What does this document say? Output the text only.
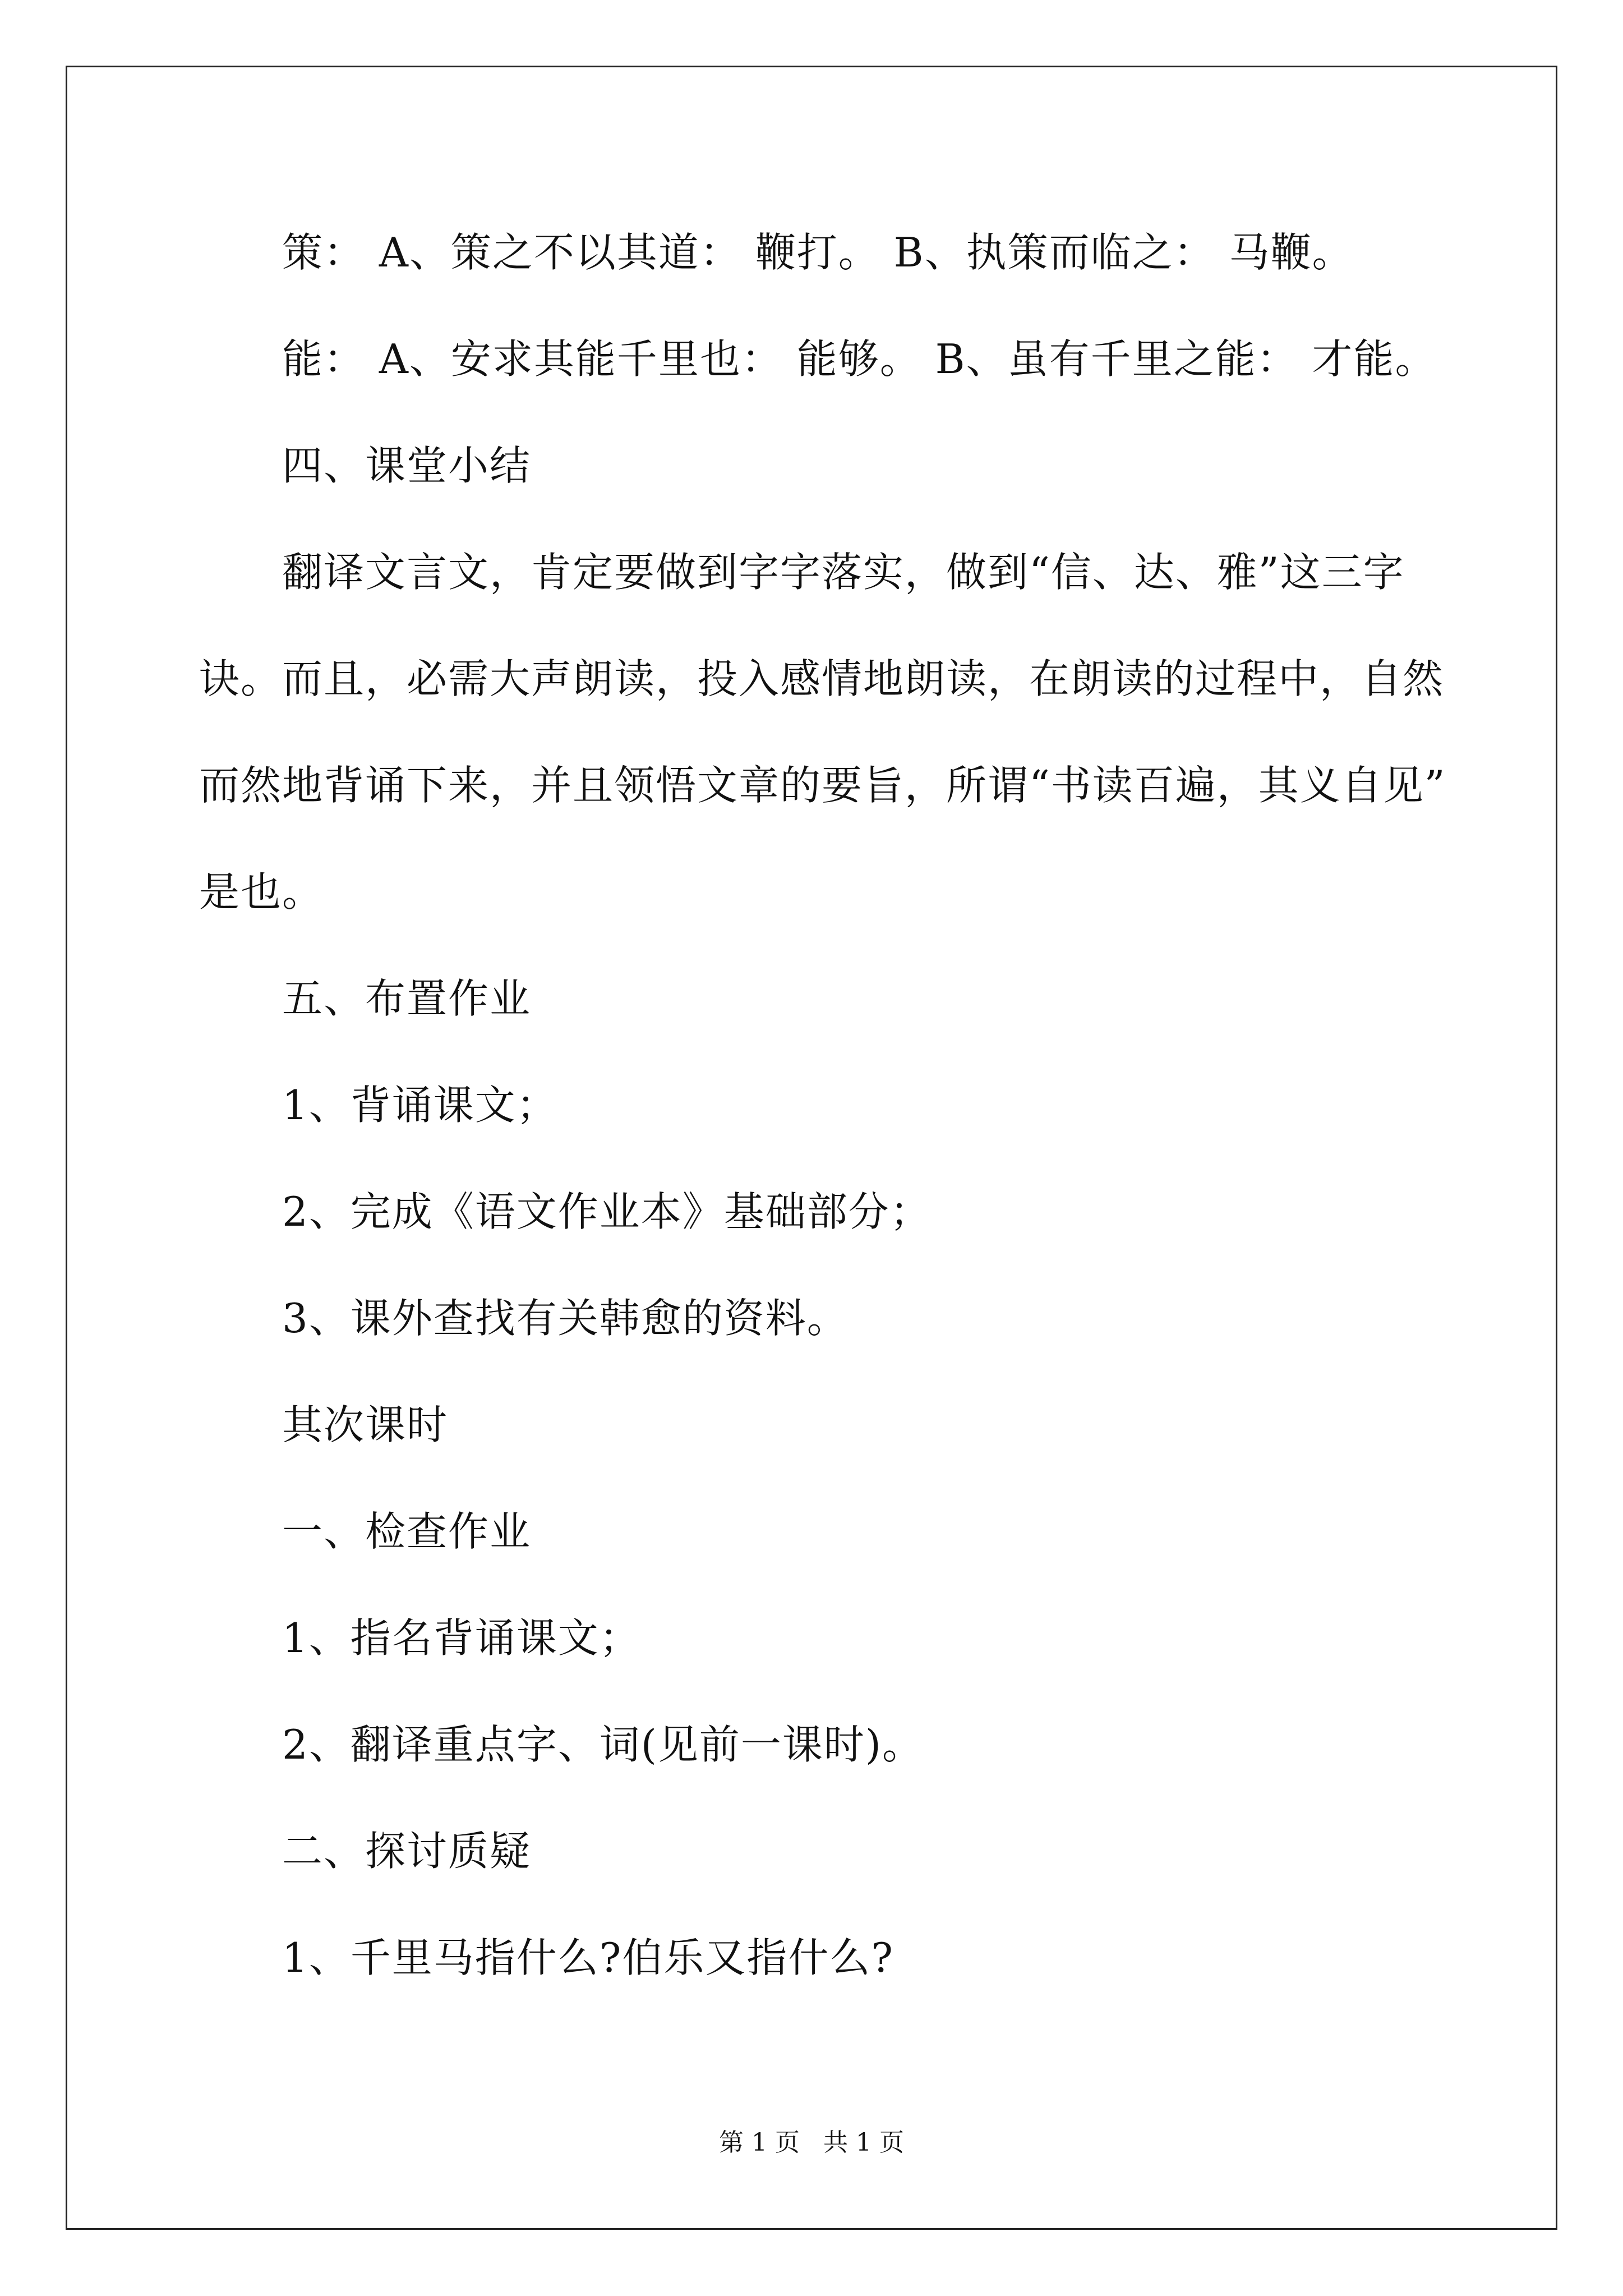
策： A、策之不以其道： 鞭打。 B、执策而临之： 马鞭。
能： A、安求其能千里也： 能够。 B、虽有千里之能： 才能。
四、课堂小结
翻译文言文，肯定要做到字字落实，做到“信、达、雅”这三字
诀。而且，必需大声朗读，投入感情地朗读，在朗读的过程中，自然
而然地背诵下来，并且领悟文章的要旨，所谓“书读百遍，其义自见”
是也。
五、布置作业
1、背诵课文；
2、完成《语文作业本》基础部分；
3、课外查找有关韩愈的资料。
其次课时
一、检查作业
1、指名背诵课文；
2、翻译重点字、词(见前一课时)。
二、探讨质疑
1、千里马指什么?伯乐又指什么?
第 1 页 共 1 页
